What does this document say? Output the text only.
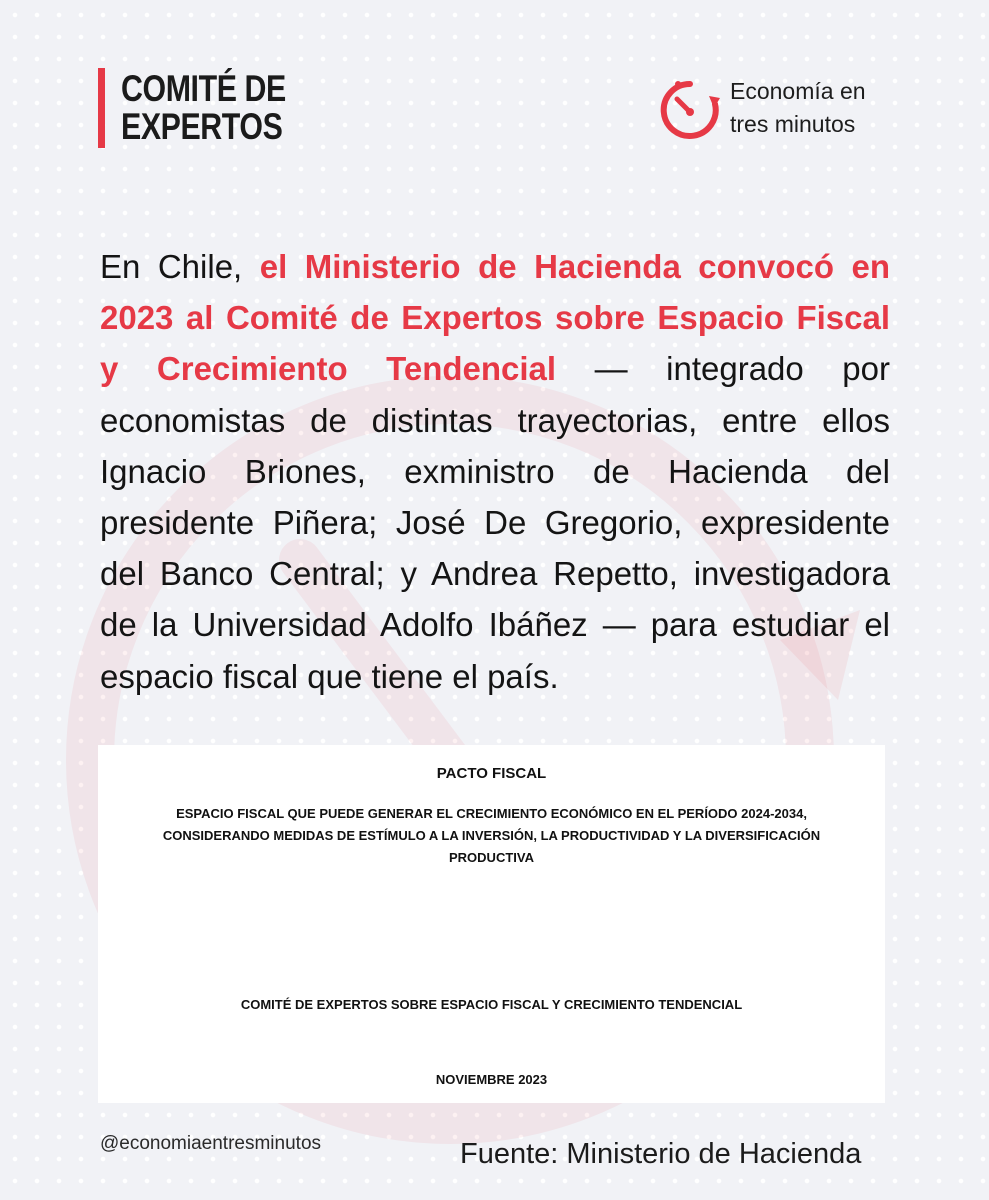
COMITÉ DE
EXPERTOS
Economía en
tres minutos

En Chile, el Ministerio de Hacienda convocó en 2023 al Comité de Expertos sobre Espacio Fiscal y Crecimiento Tendencial — integrado por economistas de distintas trayectorias, entre ellos Ignacio Briones, exministro de Hacienda del presidente Piñera; José De Gregorio, expresidente del Banco Central; y Andrea Repetto, investigadora de la Universidad Adolfo Ibáñez — para estudiar el espacio fiscal que tiene el país.

PACTO FISCAL
ESPACIO FISCAL QUE PUEDE GENERAR EL CRECIMIENTO ECONÓMICO EN EL PERÍODO 2024-2034, CONSIDERANDO MEDIDAS DE ESTÍMULO A LA INVERSIÓN, LA PRODUCTIVIDAD Y LA DIVERSIFICACIÓN PRODUCTIVA
COMITÉ DE EXPERTOS SOBRE ESPACIO FISCAL Y CRECIMIENTO TENDENCIAL
NOVIEMBRE 2023
@economiaentresminutos	Fuente: Ministerio de Hacienda
